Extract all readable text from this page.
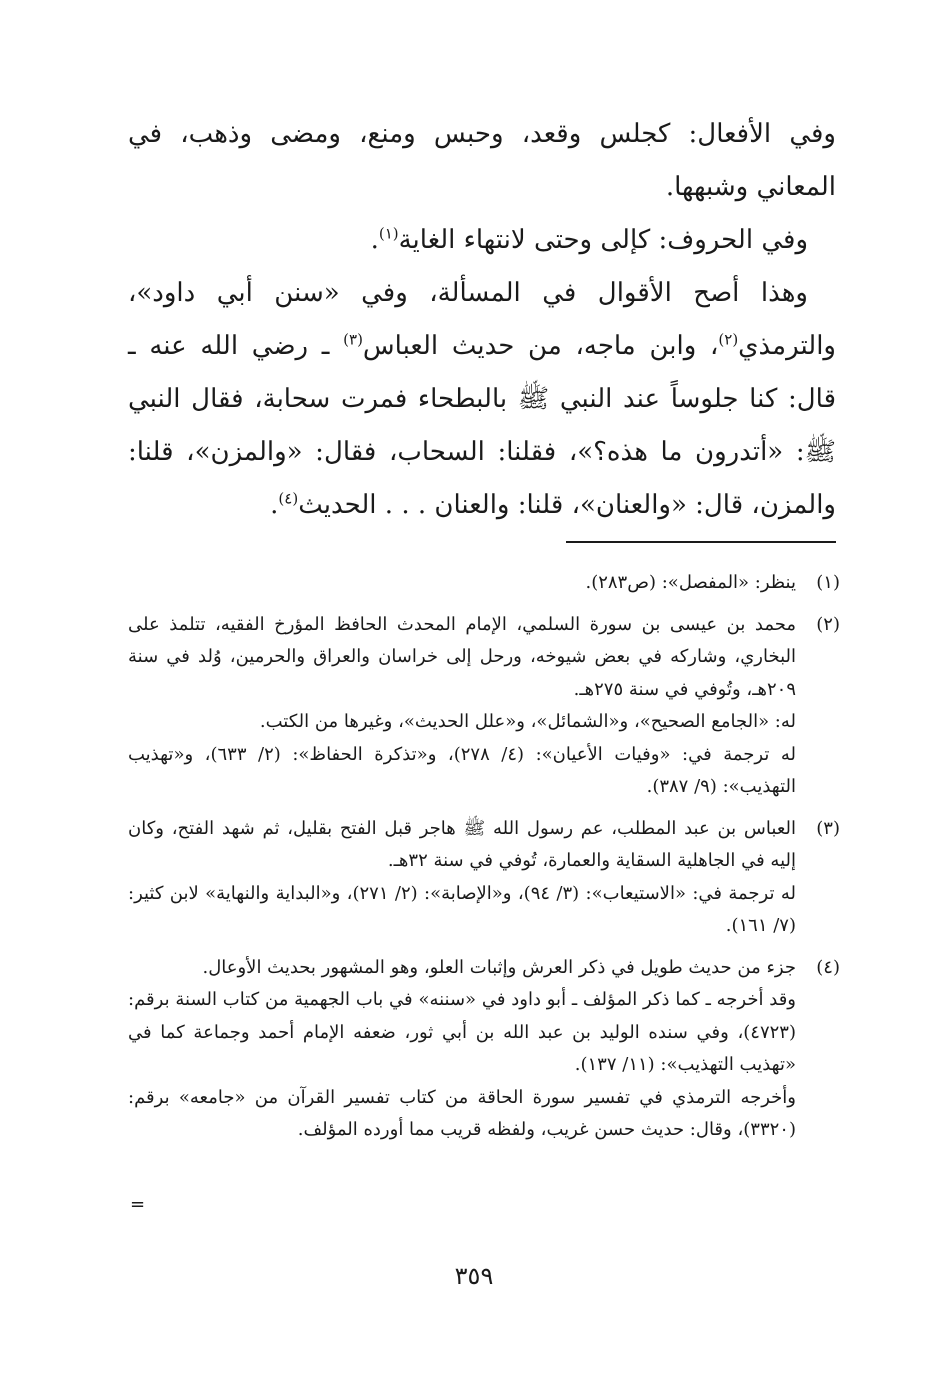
وفي الأفعال: كجلس وقعد، وحبس ومنع، ومضى وذهب، في المعاني وشبهها.

وفي الحروف: كإلى وحتى لانتهاء الغاية$^{(١)}$.

وهذا أصح الأقوال في المسألة، وفي «سنن أبي داود»، والترمذي$^{(٢)}$، وابن ماجه، من حديث العباس$^{(٣)}$ ـ رضي الله عنه ـ قال: كنا جلوساً عند النبي ﷺ بالبطحاء فمرت سحابة، فقال النبي ﷺ: «أتدرون ما هذه؟»، فقلنا: السحاب، فقال: «والمزن»، قلنا: والمزن، قال: «والعنان»، قلنا: والعنان . . . الحديث$^{(٤)}$.

(١)

ينظر: «المفصل»: (ص٢٨٣).

(٢)

محمد بن عيسى بن سورة السلمي، الإمام المحدث الحافظ المؤرخ الفقيه، تتلمذ على البخاري، وشاركه في بعض شيوخه، ورحل إلى خراسان والعراق والحرمين، وُلد في سنة ٢٠٩هـ، وتُوفي في سنة ٢٧٥هـ.

له: «الجامع الصحيح»، و«الشمائل»، و«علل الحديث»، وغيرها من الكتب.

له ترجمة في: «وفيات الأعيان»: (٤/ ٢٧٨)، و«تذكرة الحفاظ»: (٢/ ٦٣٣)، و«تهذيب التهذيب»: (٩/ ٣٨٧).

(٣)

العباس بن عبد المطلب، عم رسول الله ﷺ هاجر قبل الفتح بقليل، ثم شهد الفتح، وكان إليه في الجاهلية السقاية والعمارة، تُوفي في سنة ٣٢هـ.

له ترجمة في: «الاستيعاب»: (٣/ ٩٤)، و«الإصابة»: (٢/ ٢٧١)، و«البداية والنهاية» لابن كثير: (٧/ ١٦١).

(٤)

جزء من حديث طويل في ذكر العرش وإثبات العلو، وهو المشهور بحديث الأوعال.

وقد أخرجه ـ كما ذكر المؤلف ـ أبو داود في «سننه» في باب الجهمية من كتاب السنة برقم: (٤٧٢٣)، وفي سنده الوليد بن عبد الله بن أبي ثور، ضعفه الإمام أحمد وجماعة كما في «تهذيب التهذيب»: (١١/ ١٣٧).

وأخرجه الترمذي في تفسير سورة الحاقة من كتاب تفسير القرآن من «جامعه» برقم: (٣٣٢٠)، وقال: حديث حسن غريب، ولفظه قريب مما أورده المؤلف.

=
٣٥٩
